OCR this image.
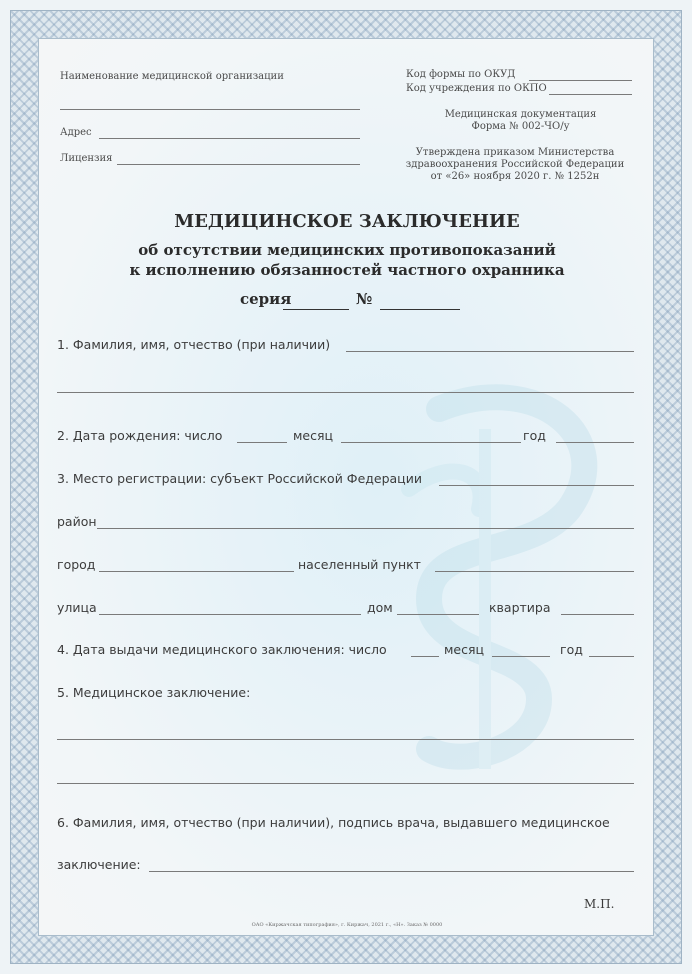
Наименование медицинской организации
Адрес
Лицензия
Код формы по ОКУД
Код учреждения по ОКПО
Медицинская документация
Форма № 002-ЧО/у
Утверждена приказом Министерства
здравоохранения Российской Федерации
от «26» ноября 2020 г. № 1252н
МЕДИЦИНСКОЕ ЗАКЛЮЧЕНИЕ
об отсутствии медицинских противопоказаний
к исполнению обязанностей частного охранника
серия	№
1. Фамилия, имя, отчество (при наличии)
2. Дата рождения: число	месяц	год
3. Место регистрации: субъект Российской Федерации
район
город	населенный пункт
улица	дом	квартира
4. Дата выдачи медицинского заключения: число	месяц	год
5. Медицинское заключение:
6. Фамилия, имя, отчество (при наличии), подпись врача, выдавшего медицинское
заключение:
М.П.
ОАО «Киржачская типография», г. Киржач, 2021 г., «Н». Заказ № 0000
